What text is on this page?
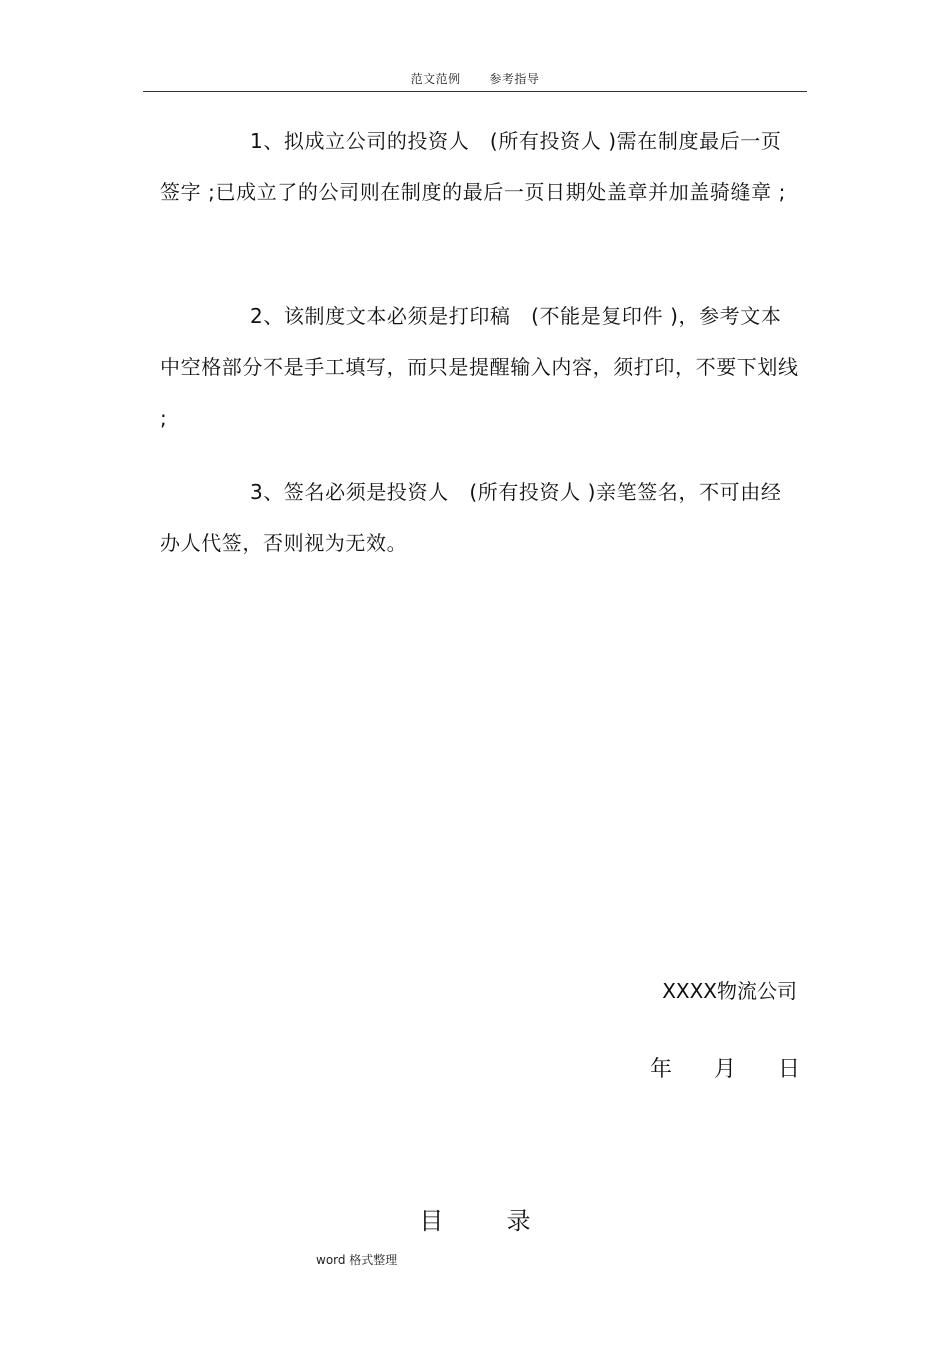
范文范例 参考指导

1、拟成立公司的投资人　(所有投资人 )需在制度最后一页签字 ;已成立了的公司则在制度的最后一页日期处盖章并加盖骑缝章 ;

2、该制度文本必须是打印稿　(不能是复印件 )，参考文本中空格部分不是手工填写，而只是提醒输入内容，须打印，不要下划线 ;

3、签名必须是投资人　(所有投资人 )亲笔签名，不可由经办人代签，否则视为无效。

XXXX物流公司
年 月 日
目	录
word 格式整理
